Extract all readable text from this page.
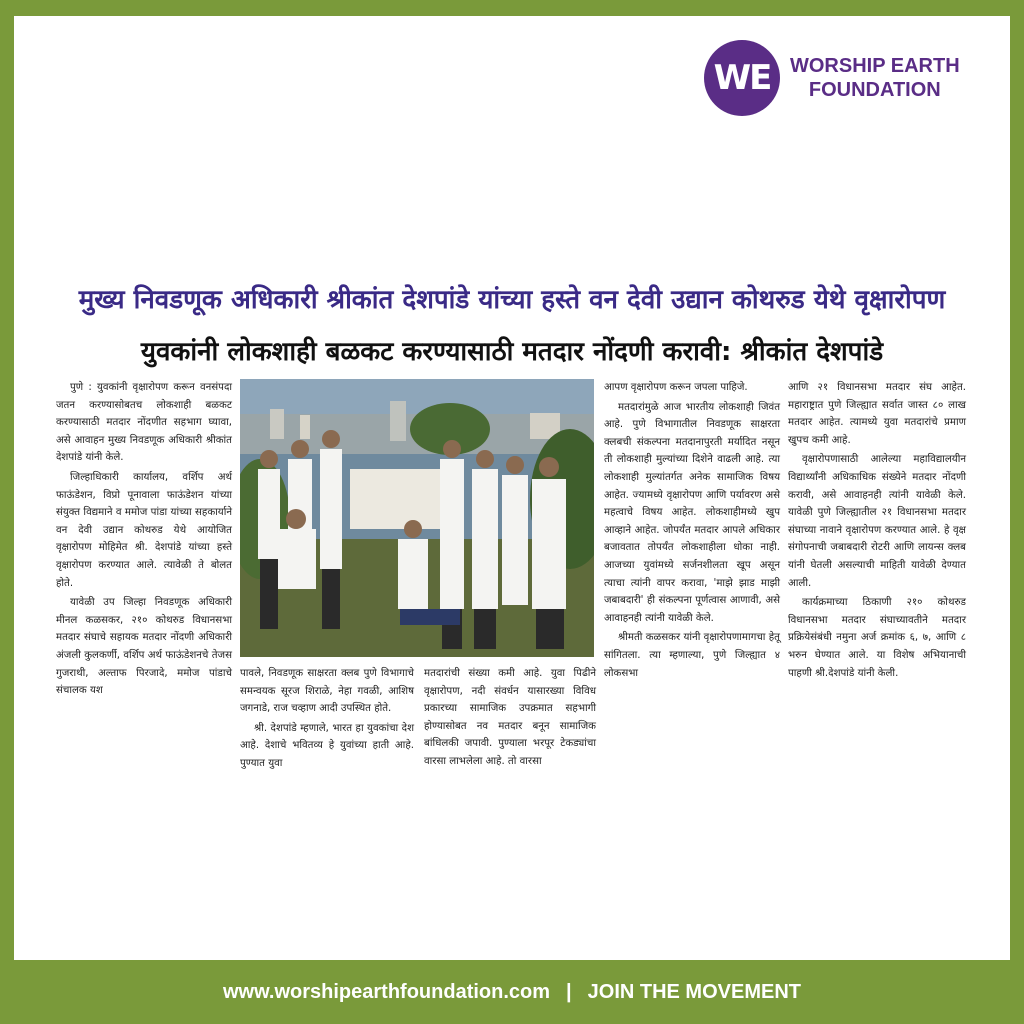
WE WORSHIP EARTH
FOUNDATION
मुख्य निवडणूक अधिकारी श्रीकांत देशपांडे यांच्या हस्ते वन देवी उद्यान कोथरुड येथे वृक्षारोपण
युवकांनी लोकशाही बळकट करण्यासाठी मतदार नोंदणी करावी: श्रीकांत देशपांडे

पुणे : युवकांनी वृक्षारोपण करून वनसंपदा जतन करण्यासोबतच लोकशाही बळकट करण्यासाठी मतदार नोंदणीत सहभाग घ्यावा, असे आवाहन मुख्य निवडणूक अधिकारी श्रीकांत देशपांडे यांनी केले.

जिल्हाधिकारी कार्यालय, वर्शिप अर्थ फाऊंडेशन, विप्रो पूनावाला फाऊंडेशन यांच्या संयुक्त विद्यमाने व ममोज पांडा यांच्या सहकार्याने वन देवी उद्यान कोथरुड येथे आयोजित वृक्षारोपण मोहिमेत श्री. देशपांडे यांच्या हस्ते वृक्षारोपण करण्यात आले. त्यावेळी ते बोलत होते.

यावेळी उप जिल्हा निवडणूक अधिकारी मीनल कळसकर, २१० कोथरुड विधानसभा मतदार संघाचे सहायक मतदार नोंदणी अधिकारी अंजली कुलकर्णी, वर्शिप अर्थ फाऊंडेशनचे तेजस गुजराथी, अल्ताफ पिरजादे, ममोज पांडाचे संचालक यश

पावले, निवडणूक साक्षरता क्लब पुणे विभागाचे समन्वयक सूरज शिराळे, नेहा गवळी, आशिष जगनाडे, राज चव्हाण आदी उपस्थित होते.

श्री. देशपांडे म्हणाले, भारत हा युवकांचा देश आहे. देशाचे भवितव्य हे युवांच्या हाती आहे. पुण्यात युवा

मतदारांची संख्या कमी आहे. युवा पिढीने वृक्षारोपण, नदी संवर्धन यासारख्या विविध प्रकारच्या सामाजिक उपक्रमात सहभागी होण्यासोबत नव मतदार बनून सामाजिक बांधिलकी जपावी. पुण्याला भरपूर टेकड्यांचा वारसा लाभलेला आहे. तो वारसा

आपण वृक्षारोपण करून जपला पाहिजे.

मतदारांमुळे आज भारतीय लोकशाही जिवंत आहे. पुणे विभागातील निवडणूक साक्षरता क्लबची संकल्पना मतदानापुरती मर्यादित नसून ती लोकशाही मुल्यांच्या दिशेने वाढली आहे. त्या लोकशाही मुल्यांतर्गत अनेक सामाजिक विषय आहेत. ज्यामध्ये वृक्षारोपण आणि पर्यावरण असे महत्वाचे विषय आहेत. लोकशाहीमध्ये खुप आव्हाने आहेत. जोपर्यंत मतदार आपले अधिकार बजावतात तोपर्यंत लोकशाहीला धोका नाही. आजच्या युवांमध्ये सर्जनशीलता खूप असून त्याचा त्यांनी वापर करावा, 'माझे झाड माझी जबाबदारी' ही संकल्पना पूर्णत्वास आणावी, असे आवाहनही त्यांनी यावेळी केले.

श्रीमती कळसकर यांनी वृक्षारोपणामागचा हेतू सांगितला. त्या म्हणाल्या, पुणे जिल्ह्यात ४ लोकसभा

आणि २१ विधानसभा मतदार संघ आहेत. महाराष्ट्रात पुणे जिल्ह्यात सर्वात जास्त ८० लाख मतदार आहेत. त्यामध्ये युवा मतदारांचे प्रमाण खुपच कमी आहे.

वृक्षारोपणासाठी आलेल्या महाविद्यालयीन विद्यार्थ्यांनी अधिकाधिक संख्येने मतदार नोंदणी करावी, असे आवाहनही त्यांनी यावेळी केले. यावेळी पुणे जिल्ह्यातील २१ विधानसभा मतदार संघाच्या नावाने वृक्षारोपण करण्यात आले. हे वृक्ष संगोपनाची जबाबदारी रोटरी आणि लायन्स क्लब यांनी घेतली असल्याची माहिती यावेळी देण्यात आली.

कार्यक्रमाच्या ठिकाणी २१० कोथरुड विधानसभा मतदार संघाच्यावतीने मतदार प्रक्रियेसंबंधी नमुना अर्ज क्रमांक ६, ७, आणि ८ भरुन घेण्यात आले. या विशेष अभियानाची पाहणी श्री.देशपांडे यांनी केली.

www.worshipearthfoundation.com | JOIN THE MOVEMENT
